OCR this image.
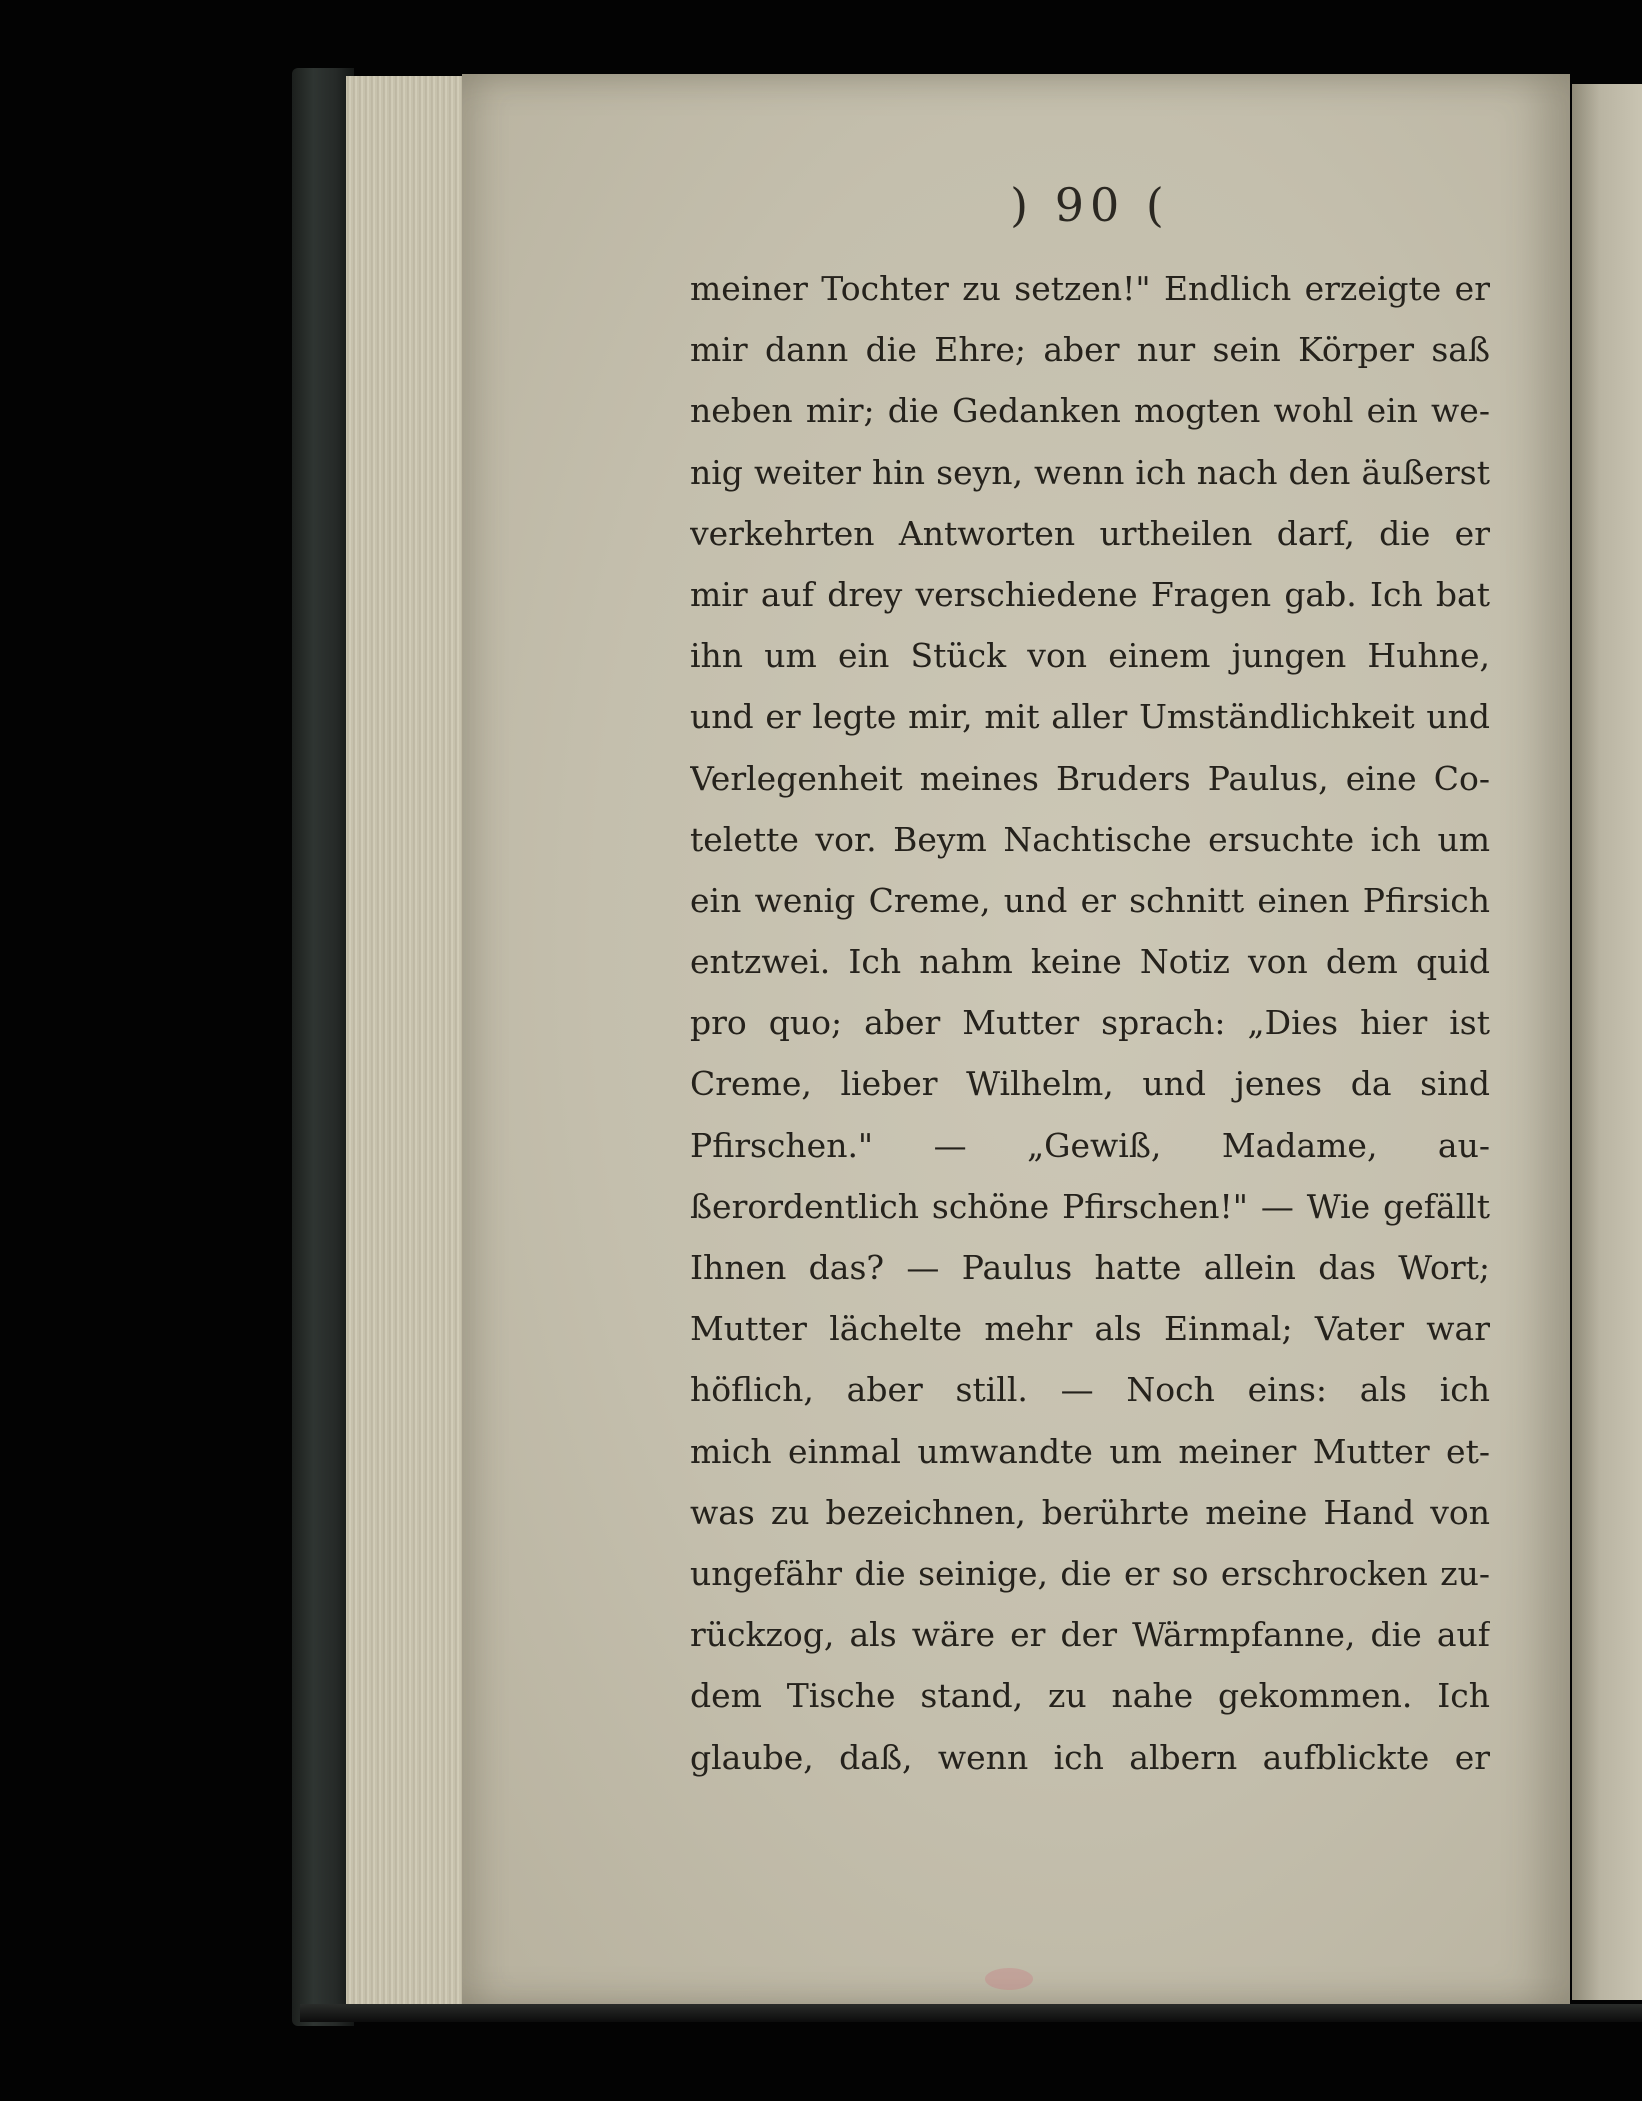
) 90 (
meiner Tochter zu setzen!" Endlich erzeigte er
mir dann die Ehre; aber nur sein Körper saß
neben mir; die Gedanken mogten wohl ein we-
nig weiter hin seyn, wenn ich nach den äußerst
verkehrten Antworten urtheilen darf, die er
mir auf drey verschiedene Fragen gab. Ich bat
ihn um ein Stück von einem jungen Huhne,
und er legte mir, mit aller Umständlichkeit und
Verlegenheit meines Bruders Paulus, eine Co-
telette vor. Beym Nachtische ersuchte ich um
ein wenig Creme, und er schnitt einen Pfirsich
entzwei. Ich nahm keine Notiz von dem quid
pro quo; aber Mutter sprach: „Dies hier ist
Creme, lieber Wilhelm, und jenes da sind
Pfirschen." — „Gewiß, Madame, au-
ßerordentlich schöne Pfirschen!" — Wie gefällt
Ihnen das? — Paulus hatte allein das Wort;
Mutter lächelte mehr als Einmal; Vater war
höflich, aber still. — Noch eins: als ich
mich einmal umwandte um meiner Mutter et-
was zu bezeichnen, berührte meine Hand von
ungefähr die seinige, die er so erschrocken zu-
rückzog, als wäre er der Wärmpfanne, die auf
dem Tische stand, zu nahe gekommen. Ich
glaube, daß, wenn ich albern aufblickte er
